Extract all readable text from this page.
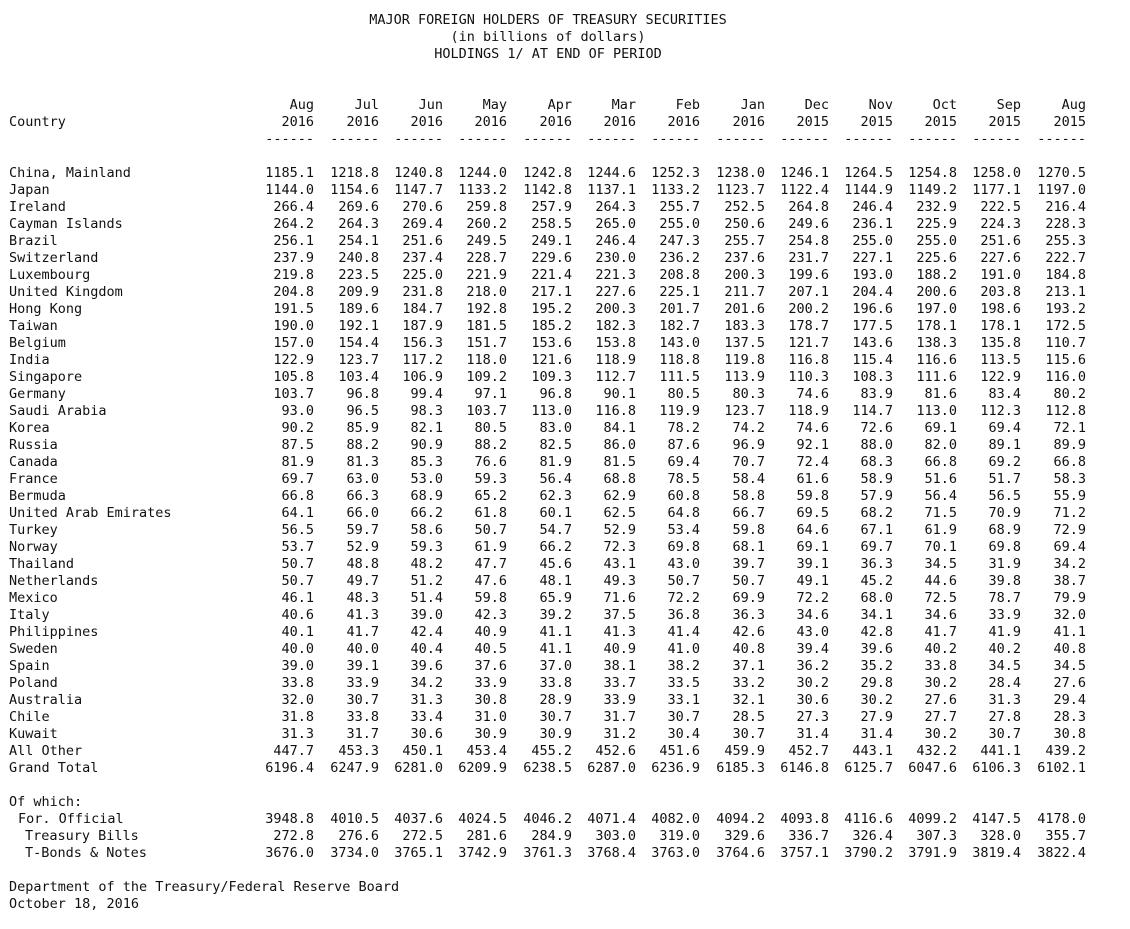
MAJOR FOREIGN HOLDERS OF TREASURY SECURITIES
(in billions of dollars)
HOLDINGS 1/ AT END OF PERIOD
Aug	Jul	Jun	May	Apr	Mar	Feb	Jan	Dec	Nov	Oct	Sep	Aug
Country	2016	2016	2016	2016	2016	2016	2016	2016	2015	2015	2015	2015	2015
------	------	------	------	------	------	------	------	------	------	------	------	------
China, Mainland	1185.1	1218.8	1240.8	1244.0	1242.8	1244.6	1252.3	1238.0	1246.1	1264.5	1254.8	1258.0	1270.5
Japan	1144.0	1154.6	1147.7	1133.2	1142.8	1137.1	1133.2	1123.7	1122.4	1144.9	1149.2	1177.1	1197.0
Ireland	266.4	269.6	270.6	259.8	257.9	264.3	255.7	252.5	264.8	246.4	232.9	222.5	216.4
Cayman Islands	264.2	264.3	269.4	260.2	258.5	265.0	255.0	250.6	249.6	236.1	225.9	224.3	228.3
Brazil	256.1	254.1	251.6	249.5	249.1	246.4	247.3	255.7	254.8	255.0	255.0	251.6	255.3
Switzerland	237.9	240.8	237.4	228.7	229.6	230.0	236.2	237.6	231.7	227.1	225.6	227.6	222.7
Luxembourg	219.8	223.5	225.0	221.9	221.4	221.3	208.8	200.3	199.6	193.0	188.2	191.0	184.8
United Kingdom	204.8	209.9	231.8	218.0	217.1	227.6	225.1	211.7	207.1	204.4	200.6	203.8	213.1
Hong Kong	191.5	189.6	184.7	192.8	195.2	200.3	201.7	201.6	200.2	196.6	197.0	198.6	193.2
Taiwan	190.0	192.1	187.9	181.5	185.2	182.3	182.7	183.3	178.7	177.5	178.1	178.1	172.5
Belgium	157.0	154.4	156.3	151.7	153.6	153.8	143.0	137.5	121.7	143.6	138.3	135.8	110.7
India	122.9	123.7	117.2	118.0	121.6	118.9	118.8	119.8	116.8	115.4	116.6	113.5	115.6
Singapore	105.8	103.4	106.9	109.2	109.3	112.7	111.5	113.9	110.3	108.3	111.6	122.9	116.0
Germany	103.7	96.8	99.4	97.1	96.8	90.1	80.5	80.3	74.6	83.9	81.6	83.4	80.2
Saudi Arabia	93.0	96.5	98.3	103.7	113.0	116.8	119.9	123.7	118.9	114.7	113.0	112.3	112.8
Korea	90.2	85.9	82.1	80.5	83.0	84.1	78.2	74.2	74.6	72.6	69.1	69.4	72.1
Russia	87.5	88.2	90.9	88.2	82.5	86.0	87.6	96.9	92.1	88.0	82.0	89.1	89.9
Canada	81.9	81.3	85.3	76.6	81.9	81.5	69.4	70.7	72.4	68.3	66.8	69.2	66.8
France	69.7	63.0	53.0	59.3	56.4	68.8	78.5	58.4	61.6	58.9	51.6	51.7	58.3
Bermuda	66.8	66.3	68.9	65.2	62.3	62.9	60.8	58.8	59.8	57.9	56.4	56.5	55.9
United Arab Emirates	64.1	66.0	66.2	61.8	60.1	62.5	64.8	66.7	69.5	68.2	71.5	70.9	71.2
Turkey	56.5	59.7	58.6	50.7	54.7	52.9	53.4	59.8	64.6	67.1	61.9	68.9	72.9
Norway	53.7	52.9	59.3	61.9	66.2	72.3	69.8	68.1	69.1	69.7	70.1	69.8	69.4
Thailand	50.7	48.8	48.2	47.7	45.6	43.1	43.0	39.7	39.1	36.3	34.5	31.9	34.2
Netherlands	50.7	49.7	51.2	47.6	48.1	49.3	50.7	50.7	49.1	45.2	44.6	39.8	38.7
Mexico	46.1	48.3	51.4	59.8	65.9	71.6	72.2	69.9	72.2	68.0	72.5	78.7	79.9
Italy	40.6	41.3	39.0	42.3	39.2	37.5	36.8	36.3	34.6	34.1	34.6	33.9	32.0
Philippines	40.1	41.7	42.4	40.9	41.1	41.3	41.4	42.6	43.0	42.8	41.7	41.9	41.1
Sweden	40.0	40.0	40.4	40.5	41.1	40.9	41.0	40.8	39.4	39.6	40.2	40.2	40.8
Spain	39.0	39.1	39.6	37.6	37.0	38.1	38.2	37.1	36.2	35.2	33.8	34.5	34.5
Poland	33.8	33.9	34.2	33.9	33.8	33.7	33.5	33.2	30.2	29.8	30.2	28.4	27.6
Australia	32.0	30.7	31.3	30.8	28.9	33.9	33.1	32.1	30.6	30.2	27.6	31.3	29.4
Chile	31.8	33.8	33.4	31.0	30.7	31.7	30.7	28.5	27.3	27.9	27.7	27.8	28.3
Kuwait	31.3	31.7	30.6	30.9	30.9	31.2	30.4	30.7	31.4	31.4	30.2	30.7	30.8
All Other	447.7	453.3	450.1	453.4	455.2	452.6	451.6	459.9	452.7	443.1	432.2	441.1	439.2
Grand Total	6196.4	6247.9	6281.0	6209.9	6238.5	6287.0	6236.9	6185.3	6146.8	6125.7	6047.6	6106.3	6102.1
Of which:
For. Official	3948.8	4010.5	4037.6	4024.5	4046.2	4071.4	4082.0	4094.2	4093.8	4116.6	4099.2	4147.5	4178.0
Treasury Bills	272.8	276.6	272.5	281.6	284.9	303.0	319.0	329.6	336.7	326.4	307.3	328.0	355.7
T-Bonds & Notes	3676.0	3734.0	3765.1	3742.9	3761.3	3768.4	3763.0	3764.6	3757.1	3790.2	3791.9	3819.4	3822.4
Department of the Treasury/Federal Reserve Board
October 18, 2016
